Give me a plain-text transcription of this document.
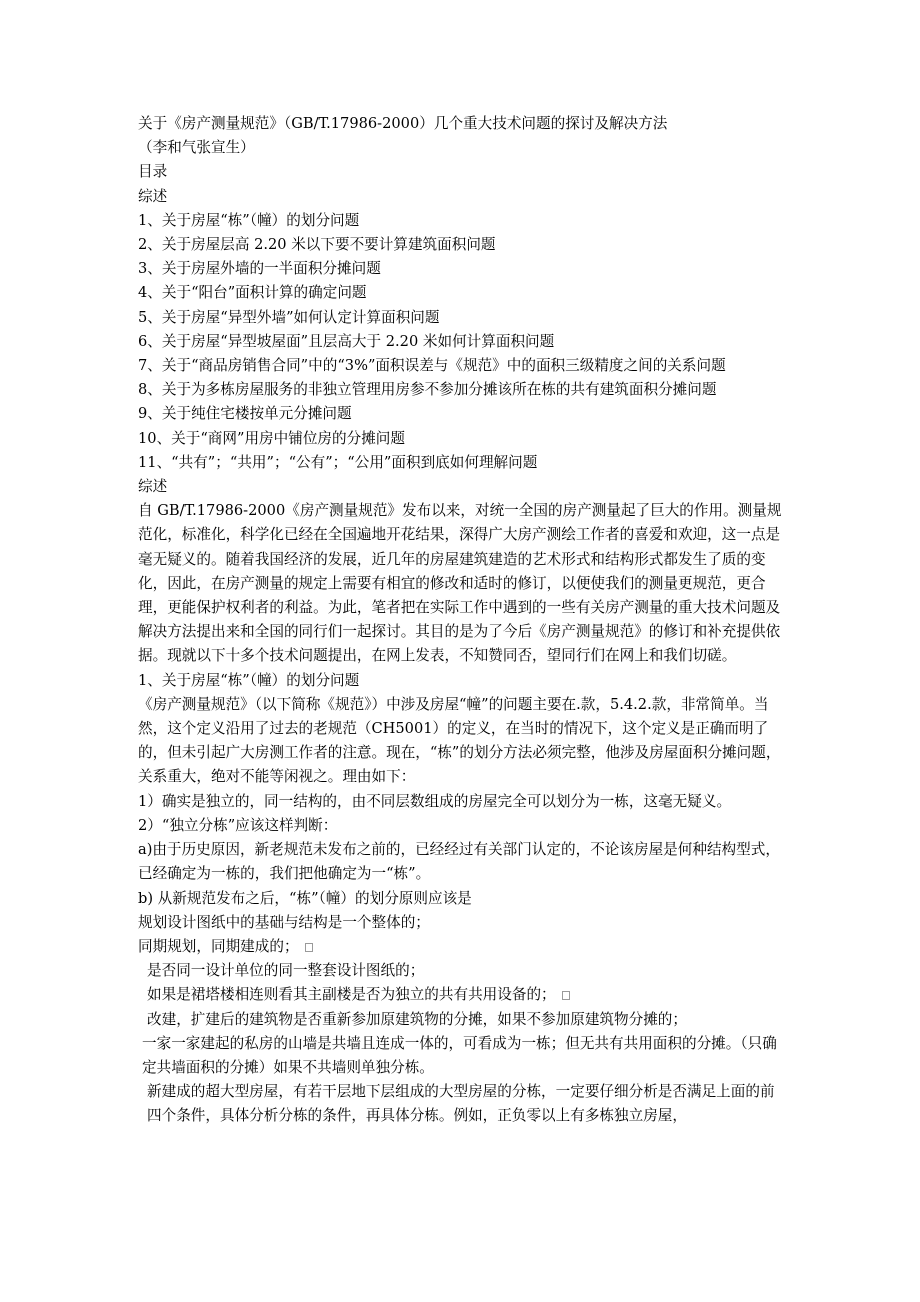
关于《房产测量规范》（GB/T.17986-2000）几个重大技术问题的探讨及解决方法

（李和气张宣生）

目录

综述

1、关于房屋“栋”（幢）的划分问题

2、关于房屋层高 2.20 米以下要不要计算建筑面积问题

3、关于房屋外墙的一半面积分摊问题

4、关于“阳台”面积计算的确定问题

5、关于房屋“异型外墙”如何认定计算面积问题

6、关于房屋“异型坡屋面”且层高大于 2.20 米如何计算面积问题

7、关于“商品房销售合同”中的“3%”面积误差与《规范》中的面积三级精度之间的关系问题

8、关于为多栋房屋服务的非独立管理用房参不参加分摊该所在栋的共有建筑面积分摊问题

9、关于纯住宅楼按单元分摊问题

10、关于“商网”用房中铺位房的分摊问题

11、“共有”；“共用”；“公有”；“公用”面积到底如何理解问题

综述

自 GB/T.17986-2000《房产测量规范》发布以来，对统一全国的房产测量起了巨大的作用。测量规范化，标准化，科学化已经在全国遍地开花结果，深得广大房产测绘工作者的喜爱和欢迎，这一点是毫无疑义的。随着我国经济的发展，近几年的房屋建筑建造的艺术形式和结构形式都发生了质的变化，因此，在房产测量的规定上需要有相宜的修改和适时的修订，以便使我们的测量更规范，更合理，更能保护权利者的利益。为此，笔者把在实际工作中遇到的一些有关房产测量的重大技术问题及解决方法提出来和全国的同行们一起探讨。其目的是为了今后《房产测量规范》的修订和补充提供依据。现就以下十多个技术问题提出，在网上发表，不知赞同否，望同行们在网上和我们切磋。

1、关于房屋“栋”（幢）的划分问题

《房产测量规范》（以下简称《规范》）中涉及房屋“幢”的问题主要在.款，5.4.2.款，非常简单。当然，这个定义沿用了过去的老规范（CH5001）的定义，在当时的情况下，这个定义是正确而明了的，但未引起广大房测工作者的注意。现在，“栋”的划分方法必须完整，他涉及房屋面积分摊问题，关系重大，绝对不能等闲视之。理由如下：

1）确实是独立的，同一结构的，由不同层数组成的房屋完全可以划分为一栋，这毫无疑义。

2）“独立分栋”应该这样判断：

a)由于历史原因，新老规范未发布之前的，已经经过有关部门认定的，不论该房屋是何种结构型式，已经确定为一栋的，我们把他确定为一“栋”。

b) 从新规范发布之后，“栋”（幢）的划分原则应该是

规划设计图纸中的基础与结构是一个整体的；

同期规划，同期建成的；

是否同一设计单位的同一整套设计图纸的；

如果是裙塔楼相连则看其主副楼是否为独立的共有共用设备的；

改建，扩建后的建筑物是否重新参加原建筑物的分摊，如果不参加原建筑物分摊的；

一家一家建起的私房的山墙是共墙且连成一体的，可看成为一栋；但无共有共用面积的分摊。（只确定共墙面积的分摊）如果不共墙则单独分栋。

新建成的超大型房屋，有若干层地下层组成的大型房屋的分栋，一定要仔细分析是否满足上面的前四个条件，具体分析分栋的条件，再具体分栋。例如，正负零以上有多栋独立房屋，
